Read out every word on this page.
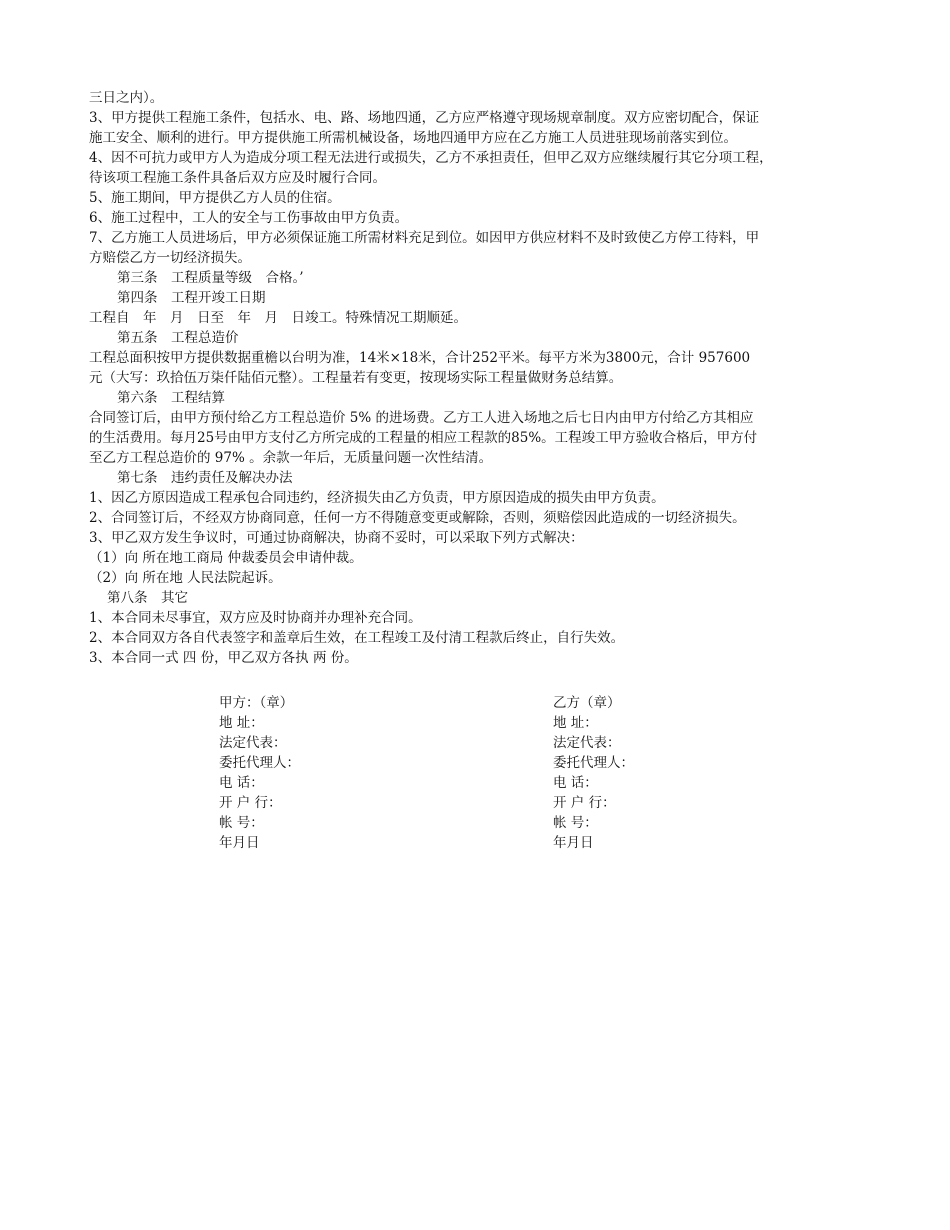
三日之内）。
3、甲方提供工程施工条件，包括水、电、路、场地四通，乙方应严格遵守现场规章制度。双方应密切配合，保证
施工安全、顺利的进行。甲方提供施工所需机械设备，场地四通甲方应在乙方施工人员进驻现场前落实到位。
4、因不可抗力或甲方人为造成分项工程无法进行或损失，乙方不承担责任，但甲乙双方应继续履行其它分项工程，
待该项工程施工条件具备后双方应及时履行合同。
5、施工期间，甲方提供乙方人员的住宿。
6、施工过程中，工人的安全与工伤事故由甲方负责。
7、乙方施工人员进场后，甲方必须保证施工所需材料充足到位。如因甲方供应材料不及时致使乙方停工待料，甲
方赔偿乙方一切经济损失。
第三条　工程质量等级　合格。’
第四条　工程开竣工日期
工程自　年　月　日至　年　月　日竣工。特殊情况工期顺延。
第五条　工程总造价
工程总面积按甲方提供数据重檐以台明为准，14米×18米，合计252平米。每平方米为3800元，合计 957600
元（大写：玖拾伍万柒仟陆佰元整）。工程量若有变更，按现场实际工程量做财务总结算。
第六条　工程结算
合同签订后，由甲方预付给乙方工程总造价 5% 的进场费。乙方工人进入场地之后七日内由甲方付给乙方其相应
的生活费用。每月25号由甲方支付乙方所完成的工程量的相应工程款的85%。工程竣工甲方验收合格后，甲方付
至乙方工程总造价的 97% 。余款一年后，无质量问题一次性结清。
第七条　违约责任及解决办法
1、因乙方原因造成工程承包合同违约，经济损失由乙方负责，甲方原因造成的损失由甲方负责。
2、合同签订后，不经双方协商同意，任何一方不得随意变更或解除，否则，须赔偿因此造成的一切经济损失。
3、甲乙双方发生争议时，可通过协商解决，协商不妥时，可以采取下列方式解决：
（1）向 所在地工商局 仲裁委员会申请仲裁。
（2）向 所在地 人民法院起诉。
第八条　其它
1、本合同未尽事宜，双方应及时协商并办理补充合同。
2、本合同双方各自代表签字和盖章后生效，在工程竣工及付清工程款后终止，自行失效。
3、本合同一式 四 份，甲乙双方各执 两 份。
甲方：（章）
地 址：
法定代表：
委托代理人：
电 话：
开 户 行：
帐 号：
年月日
乙方（章）
地 址：
法定代表：
委托代理人：
电 话：
开 户 行：
帐 号：
年月日
